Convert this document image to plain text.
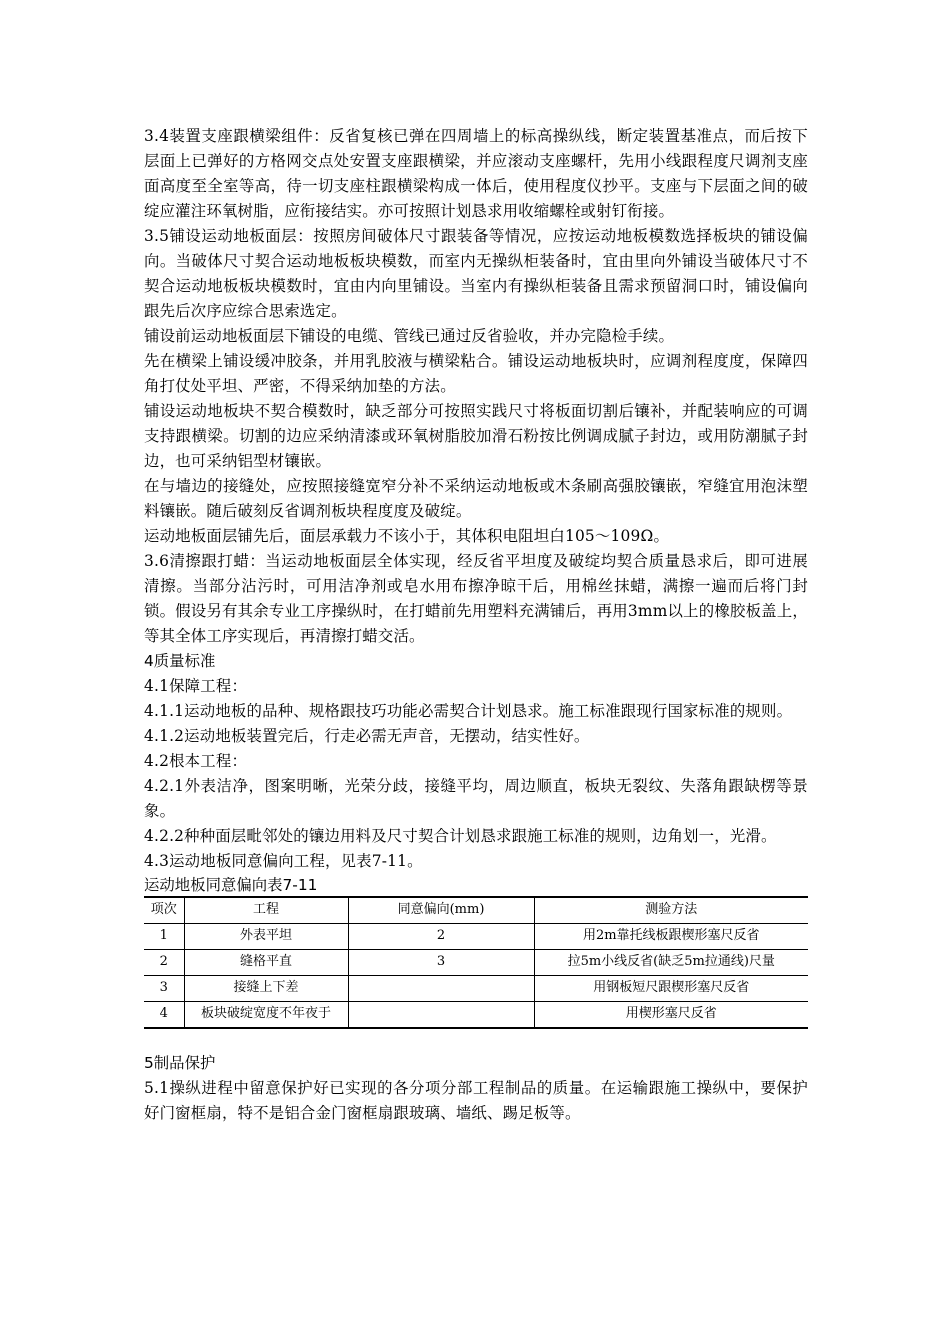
3.4装置支座跟横梁组件：反省复核已弹在四周墙上的标高操纵线，断定装置基准点，而后按下层面上已弹好的方格网交点处安置支座跟横梁，并应滚动支座螺杆，先用小线跟程度尺调剂支座面高度至全室等高，待一切支座柱跟横梁构成一体后，使用程度仪抄平。支座与下层面之间的破绽应灌注环氧树脂，应衔接结实。亦可按照计划恳求用收缩螺栓或射钉衔接。

3.5铺设运动地板面层：按照房间破体尺寸跟装备等情况，应按运动地板模数选择板块的铺设偏向。当破体尺寸契合运动地板板块模数，而室内无操纵柜装备时，宜由里向外铺设当破体尺寸不契合运动地板板块模数时，宜由内向里铺设。当室内有操纵柜装备且需求预留洞口时，铺设偏向跟先后次序应综合思索选定。

铺设前运动地板面层下铺设的电缆、管线已通过反省验收，并办完隐检手续。

先在横梁上铺设缓冲胶条，并用乳胶液与横梁粘合。铺设运动地板块时，应调剂程度度，保障四角打仗处平坦、严密，不得采纳加垫的方法。

铺设运动地板块不契合模数时，缺乏部分可按照实践尺寸将板面切割后镶补，并配装响应的可调支持跟横梁。切割的边应采纳清漆或环氧树脂胶加滑石粉按比例调成腻子封边，或用防潮腻子封边，也可采纳铝型材镶嵌。

在与墙边的接缝处，应按照接缝宽窄分补不采纳运动地板或木条刷高强胶镶嵌，窄缝宜用泡沫塑料镶嵌。随后破刻反省调剂板块程度度及破绽。

运动地板面层铺先后，面层承载力不该小于，其体积电阻坦白105～109Ω。

3.6清擦跟打蜡：当运动地板面层全体实现，经反省平坦度及破绽均契合质量恳求后，即可进展清擦。当部分沾污时，可用洁净剂或皂水用布擦净晾干后，用棉丝抹蜡，满擦一遍而后将门封锁。假设另有其余专业工序操纵时，在打蜡前先用塑料充满铺后，再用3mm以上的橡胶板盖上，等其全体工序实现后，再清擦打蜡交活。

4质量标准

4.1保障工程：

4.1.1运动地板的品种、规格跟技巧功能必需契合计划恳求。施工标准跟现行国家标准的规则。

4.1.2运动地板装置完后，行走必需无声音，无摆动，结实性好。

4.2根本工程：

4.2.1外表洁净，图案明晰，光荣分歧，接缝平均，周边顺直，板块无裂纹、失落角跟缺楞等景象。

4.2.2种种面层毗邻处的镶边用料及尺寸契合计划恳求跟施工标准的规则，边角划一，光滑。

4.3运动地板同意偏向工程，见表7-11。

运动地板同意偏向表7-11

项次	工程	同意偏向(mm)	测验方法
1	外表平坦	2	用2m靠托线板跟楔形塞尺反省
2	缝格平直	3	拉5m小线反省(缺乏5m拉通线)尺量
3	接缝上下差		用钢板短尺跟楔形塞尺反省
4	板块破绽宽度不年夜于		用楔形塞尺反省

5制品保护

5.1操纵进程中留意保护好已实现的各分项分部工程制品的质量。在运输跟施工操纵中，要保护好门窗框扇，特不是铝合金门窗框扇跟玻璃、墙纸、踢足板等。
